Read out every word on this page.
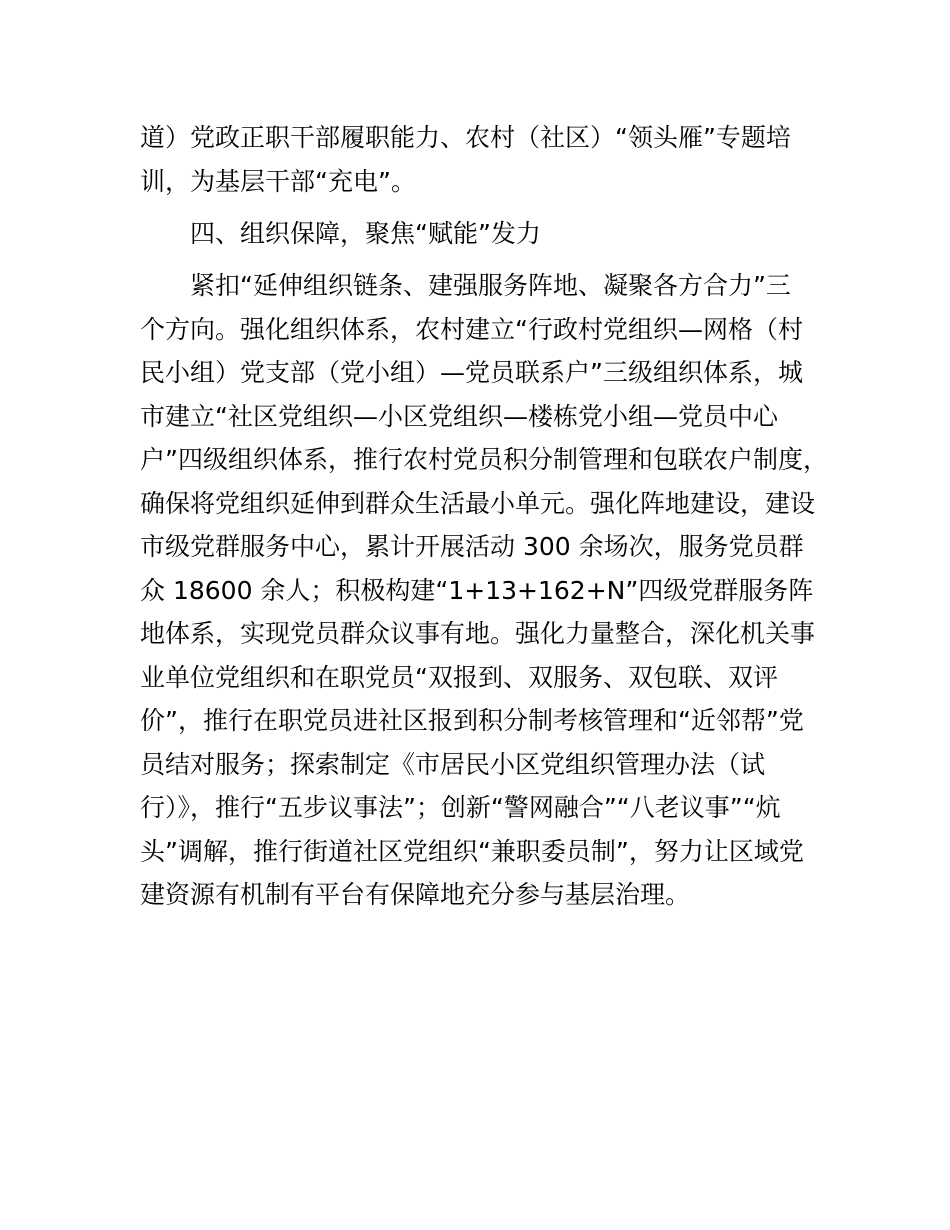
道）党政正职干部履职能力、农村（社区）“领头雁”专题培
训，为基层干部“充电”。
四、组织保障，聚焦“赋能”发力
紧扣“延伸组织链条、建强服务阵地、凝聚各方合力”三
个方向。强化组织体系，农村建立“行政村党组织—网格（村
民小组）党支部（党小组）—党员联系户”三级组织体系，城
市建立“社区党组织—小区党组织—楼栋党小组—党员中心
户”四级组织体系，推行农村党员积分制管理和包联农户制度，
确保将党组织延伸到群众生活最小单元。强化阵地建设，建设
市级党群服务中心，累计开展活动 300 余场次，服务党员群
众 18600 余人；积极构建“1+13+162+N”四级党群服务阵
地体系，实现党员群众议事有地。强化力量整合，深化机关事
业单位党组织和在职党员“双报到、双服务、双包联、双评
价”，推行在职党员进社区报到积分制考核管理和“近邻帮”党
员结对服务；探索制定《市居民小区党组织管理办法（试
行）》，推行“五步议事法”；创新“警网融合”“八老议事”“炕
头”调解，推行街道社区党组织“兼职委员制”，努力让区域党
建资源有机制有平台有保障地充分参与基层治理。
